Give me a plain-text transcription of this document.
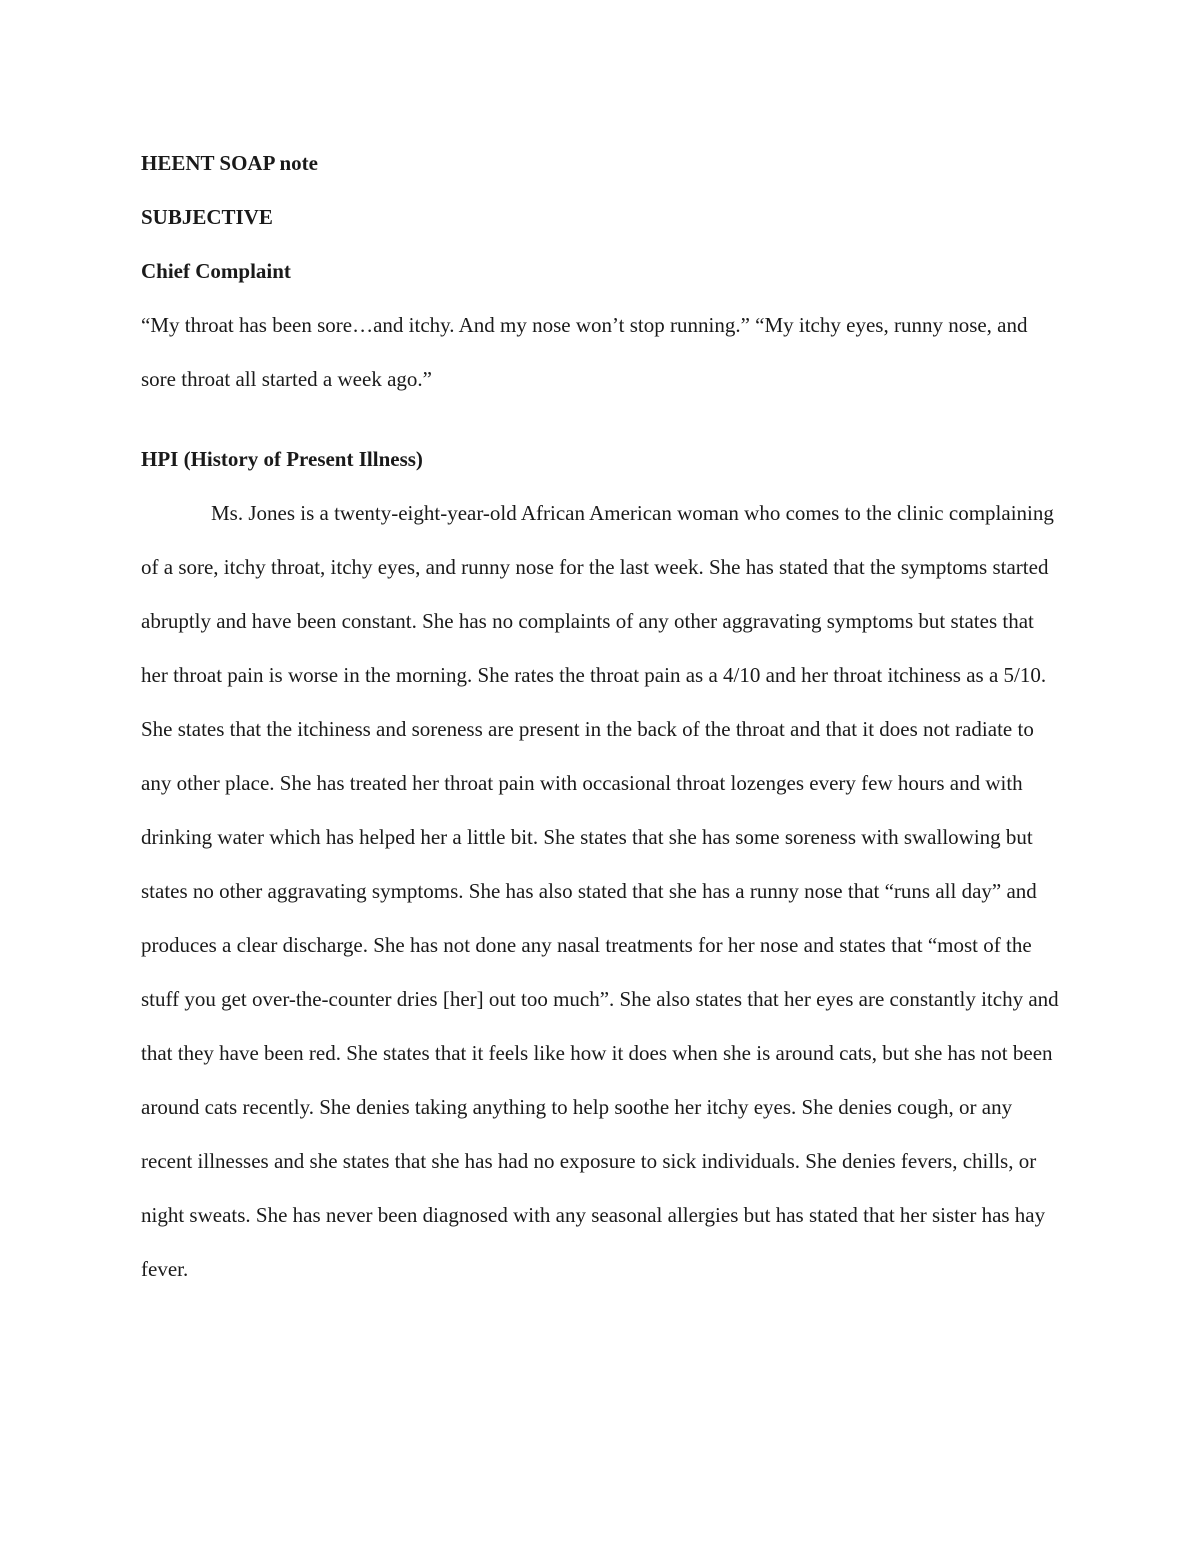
HEENT SOAP note
SUBJECTIVE
Chief Complaint

“My throat has been sore…and itchy. And my nose won’t stop running.” “My itchy eyes, runny nose, and sore throat all started a week ago.”

HPI (History of Present Illness)

Ms. Jones is a twenty-eight-year-old African American woman who comes to the clinic complaining of a sore, itchy throat, itchy eyes, and runny nose for the last week. She has stated that the symptoms started abruptly and have been constant. She has no complaints of any other aggravating symptoms but states that her throat pain is worse in the morning. She rates the throat pain as a 4/10 and her throat itchiness as a 5/10. She states that the itchiness and soreness are present in the back of the throat and that it does not radiate to any other place. She has treated her throat pain with occasional throat lozenges every few hours and with drinking water which has helped her a little bit. She states that she has some soreness with swallowing but states no other aggravating symptoms. She has also stated that she has a runny nose that “runs all day” and produces a clear discharge. She has not done any nasal treatments for her nose and states that “most of the stuff you get over-the-counter dries [her] out too much”. She also states that her eyes are constantly itchy and that they have been red. She states that it feels like how it does when she is around cats, but she has not been around cats recently. She denies taking anything to help soothe her itchy eyes. She denies cough, or any recent illnesses and she states that she has had no exposure to sick individuals. She denies fevers, chills, or night sweats. She has never been diagnosed with any seasonal allergies but has stated that her sister has hay fever.
